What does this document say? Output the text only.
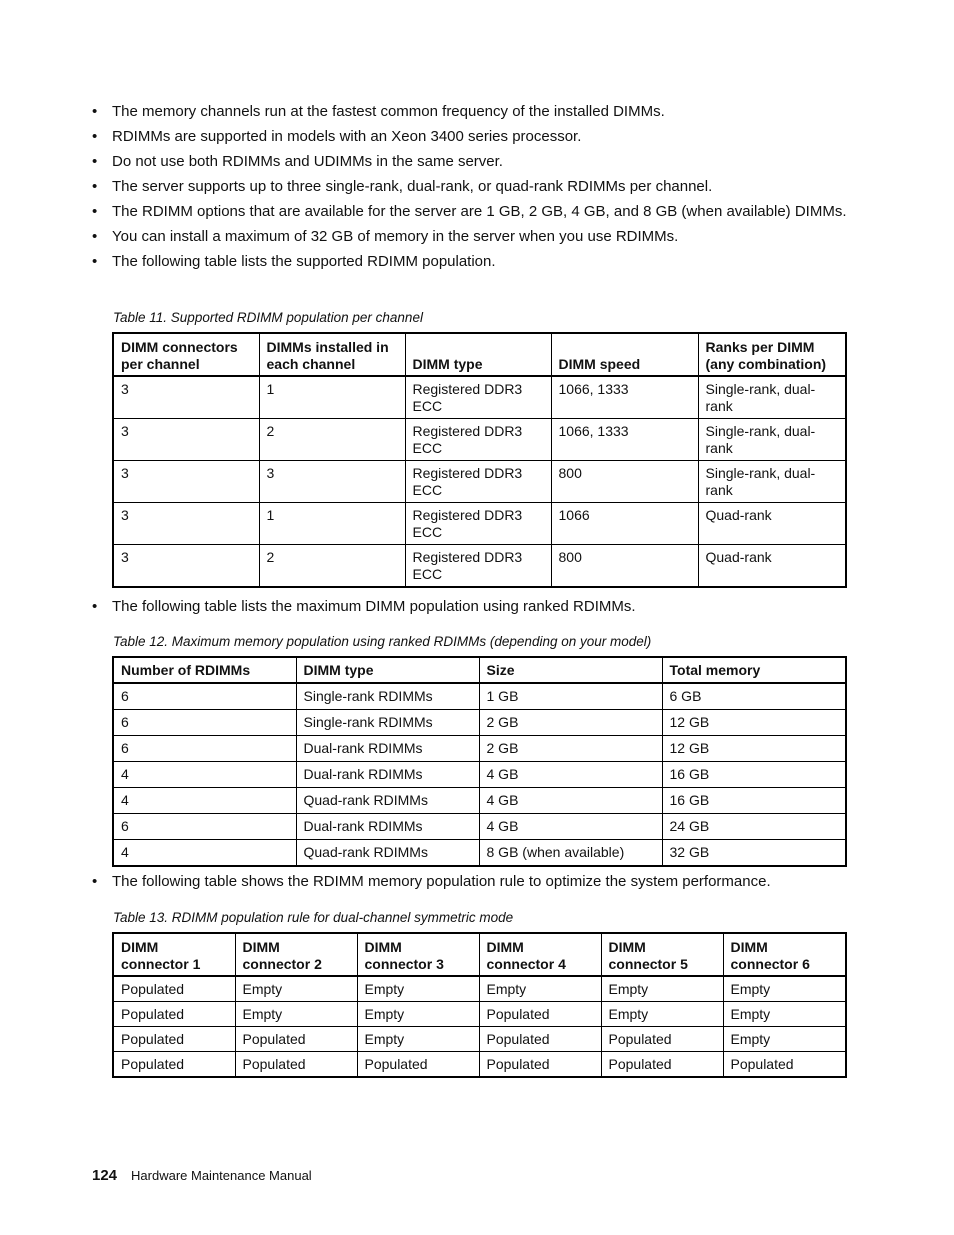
• The memory channels run at the fastest common frequency of the installed DIMMs.
• RDIMMs are supported in models with an Xeon 3400 series processor.
• Do not use both RDIMMs and UDIMMs in the same server.
• The server supports up to three single-rank, dual-rank, or quad-rank RDIMMs per channel.
• The RDIMM options that are available for the server are 1 GB, 2 GB, 4 GB, and 8 GB (when available) DIMMs.
• You can install a maximum of 32 GB of memory in the server when you use RDIMMs.
• The following table lists the supported RDIMM population.
Table 11. Supported RDIMM population per channel
DIMM connectors per channel	DIMMs installed in each channel	DIMM type	DIMM speed	Ranks per DIMM (any combination)
3	1	Registered DDR3 ECC	1066, 1333	Single-rank, dual-rank
3	2	Registered DDR3 ECC	1066, 1333	Single-rank, dual-rank
3	3	Registered DDR3 ECC	800	Single-rank, dual-rank
3	1	Registered DDR3 ECC	1066	Quad-rank
3	2	Registered DDR3 ECC	800	Quad-rank
• The following table lists the maximum DIMM population using ranked RDIMMs.
Table 12. Maximum memory population using ranked RDIMMs (depending on your model)
Number of RDIMMs	DIMM type	Size	Total memory
6	Single-rank RDIMMs	1 GB	6 GB
6	Single-rank RDIMMs	2 GB	12 GB
6	Dual-rank RDIMMs	2 GB	12 GB
4	Dual-rank RDIMMs	4 GB	16 GB
4	Quad-rank RDIMMs	4 GB	16 GB
6	Dual-rank RDIMMs	4 GB	24 GB
4	Quad-rank RDIMMs	8 GB (when available)	32 GB
• The following table shows the RDIMM memory population rule to optimize the system performance.
Table 13. RDIMM population rule for dual-channel symmetric mode
DIMM connector 1	DIMM connector 2	DIMM connector 3	DIMM connector 4	DIMM connector 5	DIMM connector 6
Populated	Empty	Empty	Empty	Empty	Empty
Populated	Empty	Empty	Populated	Empty	Empty
Populated	Populated	Empty	Populated	Populated	Empty
Populated	Populated	Populated	Populated	Populated	Populated
124 Hardware Maintenance Manual
